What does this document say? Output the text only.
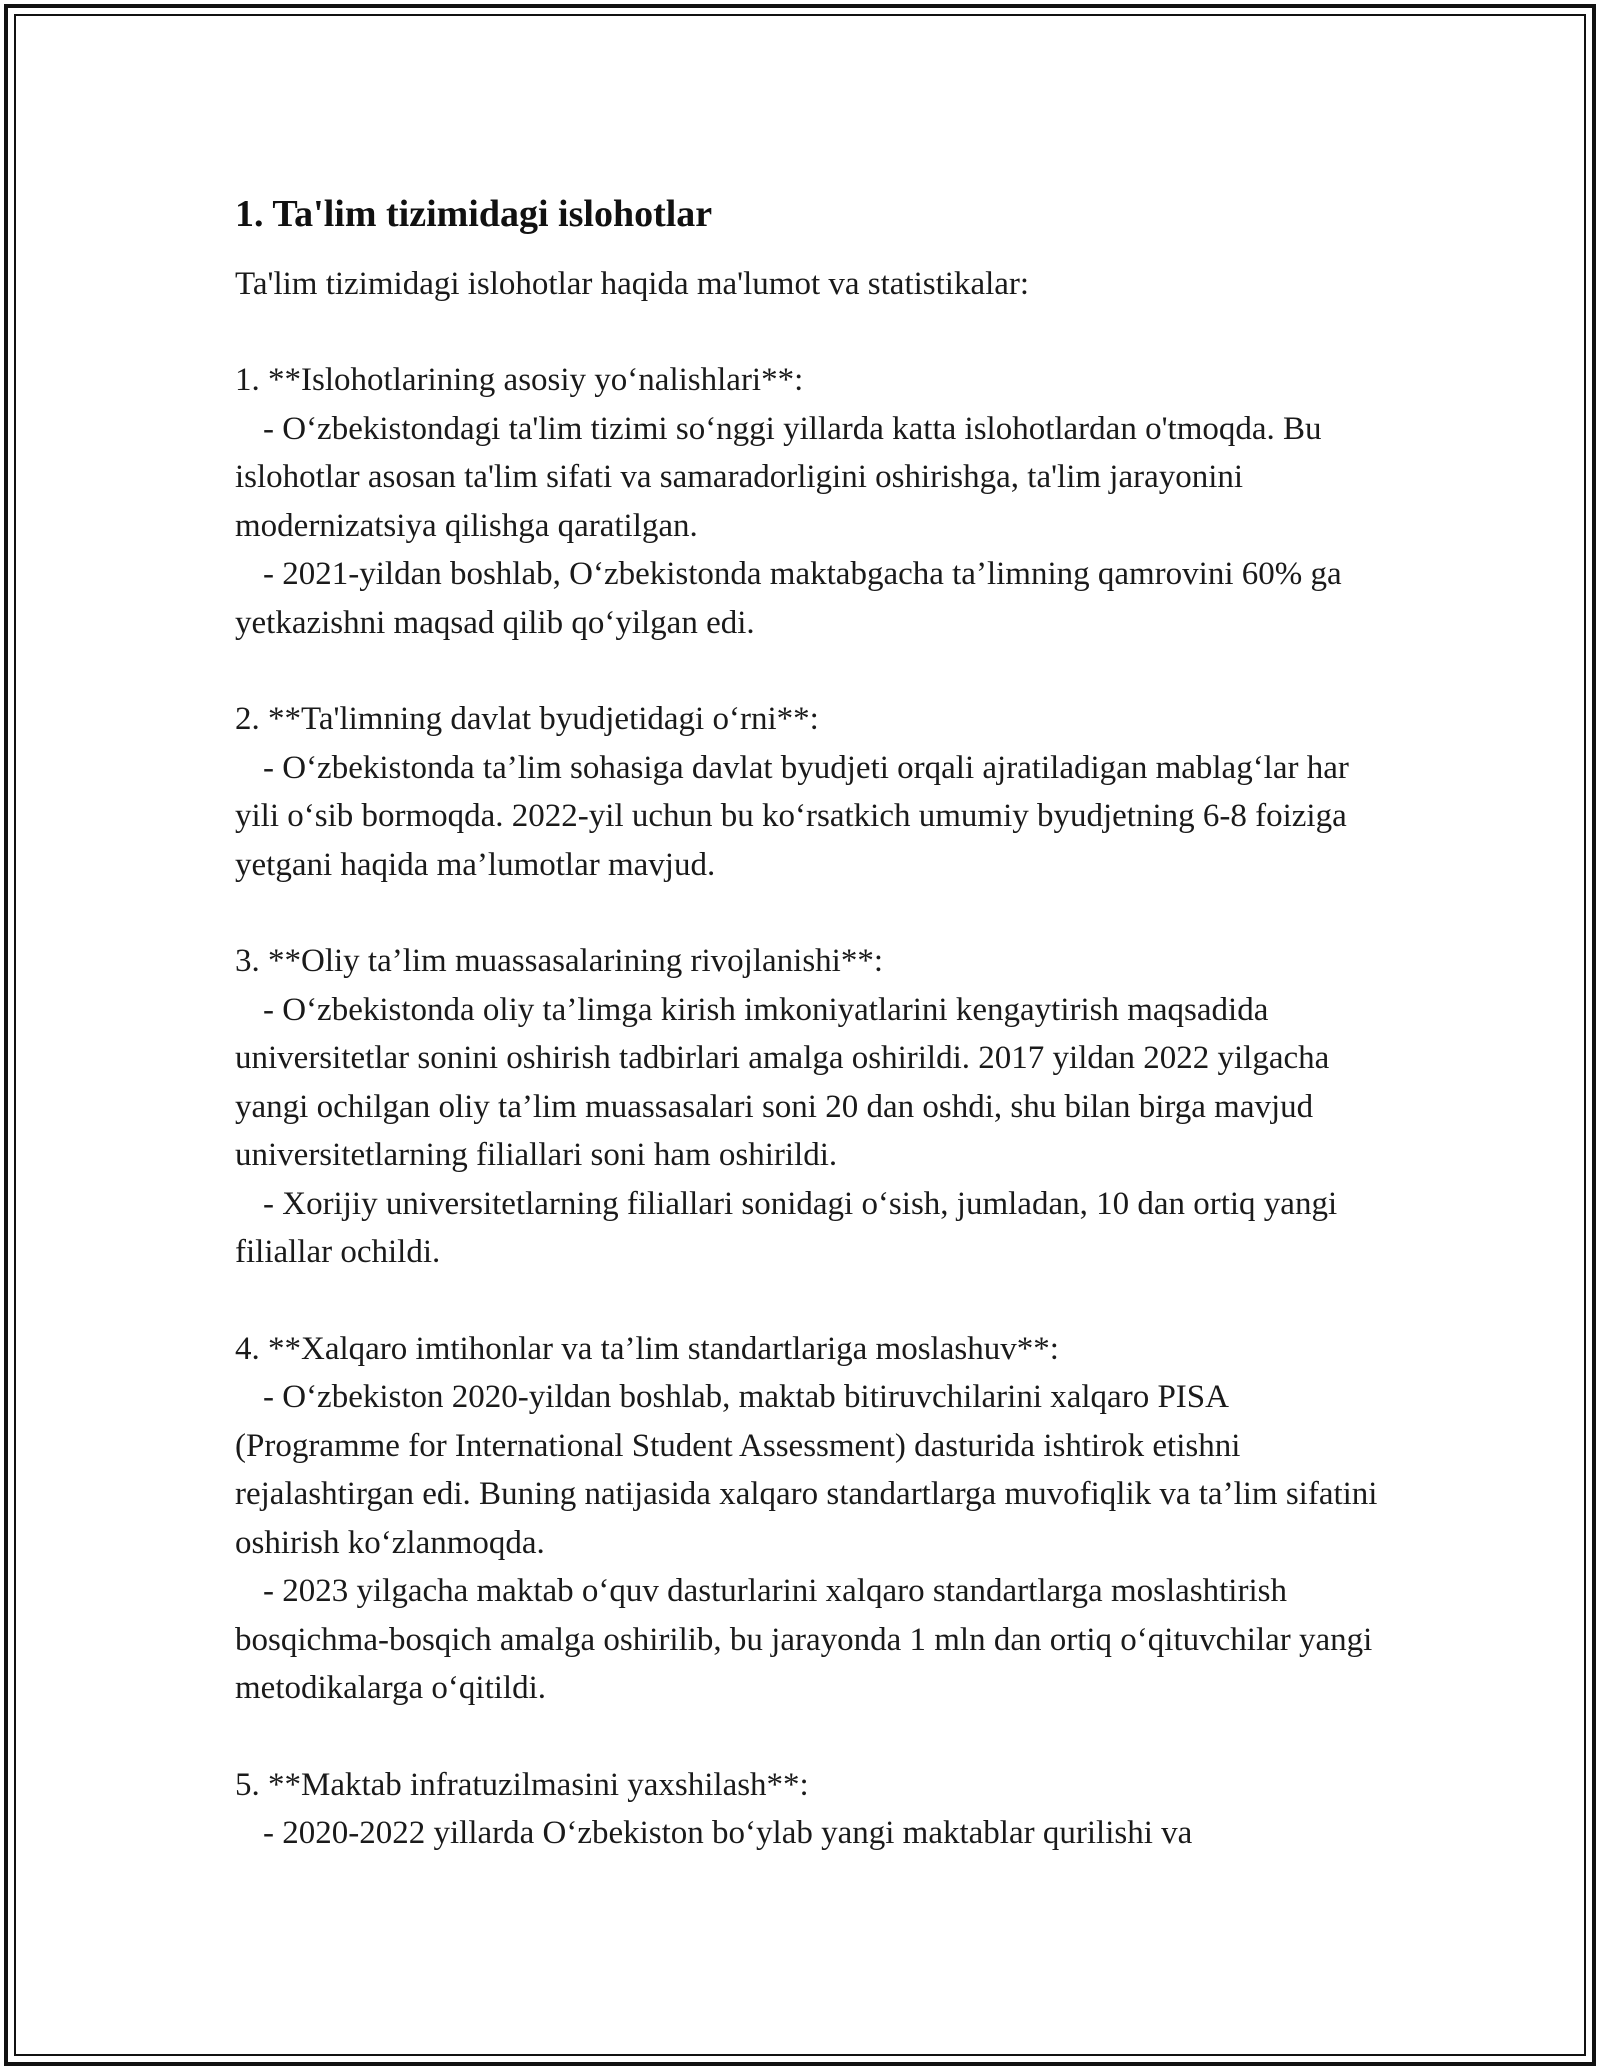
1. Ta'lim tizimidagi islohotlar

Ta'lim tizimidagi islohotlar haqida ma'lumot va statistikalar:

1. **Islohotlarining asosiy yo‘nalishlari**:

- O‘zbekistondagi ta'lim tizimi so‘nggi yillarda katta islohotlardan o'tmoqda. Bu islohotlar asosan ta'lim sifati va samaradorligini oshirishga, ta'lim jarayonini modernizatsiya qilishga qaratilgan.

- 2021-yildan boshlab, O‘zbekistonda maktabgacha ta’limning qamrovini 60% ga yetkazishni maqsad qilib qo‘yilgan edi.

2. **Ta'limning davlat byudjetidagi o‘rni**:

- O‘zbekistonda ta’lim sohasiga davlat byudjeti orqali ajratiladigan mablag‘lar har yili o‘sib bormoqda. 2022-yil uchun bu ko‘rsatkich umumiy byudjetning 6-8 foiziga yetgani haqida ma’lumotlar mavjud.

3. **Oliy ta’lim muassasalarining rivojlanishi**:

- O‘zbekistonda oliy ta’limga kirish imkoniyatlarini kengaytirish maqsadida universitetlar sonini oshirish tadbirlari amalga oshirildi. 2017 yildan 2022 yilgacha yangi ochilgan oliy ta’lim muassasalari soni 20 dan oshdi, shu bilan birga mavjud universitetlarning filiallari soni ham oshirildi.

- Xorijiy universitetlarning filiallari sonidagi o‘sish, jumladan, 10 dan ortiq yangi filiallar ochildi.

4. **Xalqaro imtihonlar va ta’lim standartlariga moslashuv**:

- O‘zbekiston 2020-yildan boshlab, maktab bitiruvchilarini xalqaro PISA (Programme for International Student Assessment) dasturida ishtirok etishni rejalashtirgan edi. Buning natijasida xalqaro standartlarga muvofiqlik va ta’lim sifatini oshirish ko‘zlanmoqda.

- 2023 yilgacha maktab o‘quv dasturlarini xalqaro standartlarga moslashtirish bosqichma-bosqich amalga oshirilib, bu jarayonda 1 mln dan ortiq o‘qituvchilar yangi metodikalarga o‘qitildi.

5. **Maktab infratuzilmasini yaxshilash**:

- 2020-2022 yillarda O‘zbekiston bo‘ylab yangi maktablar qurilishi va
